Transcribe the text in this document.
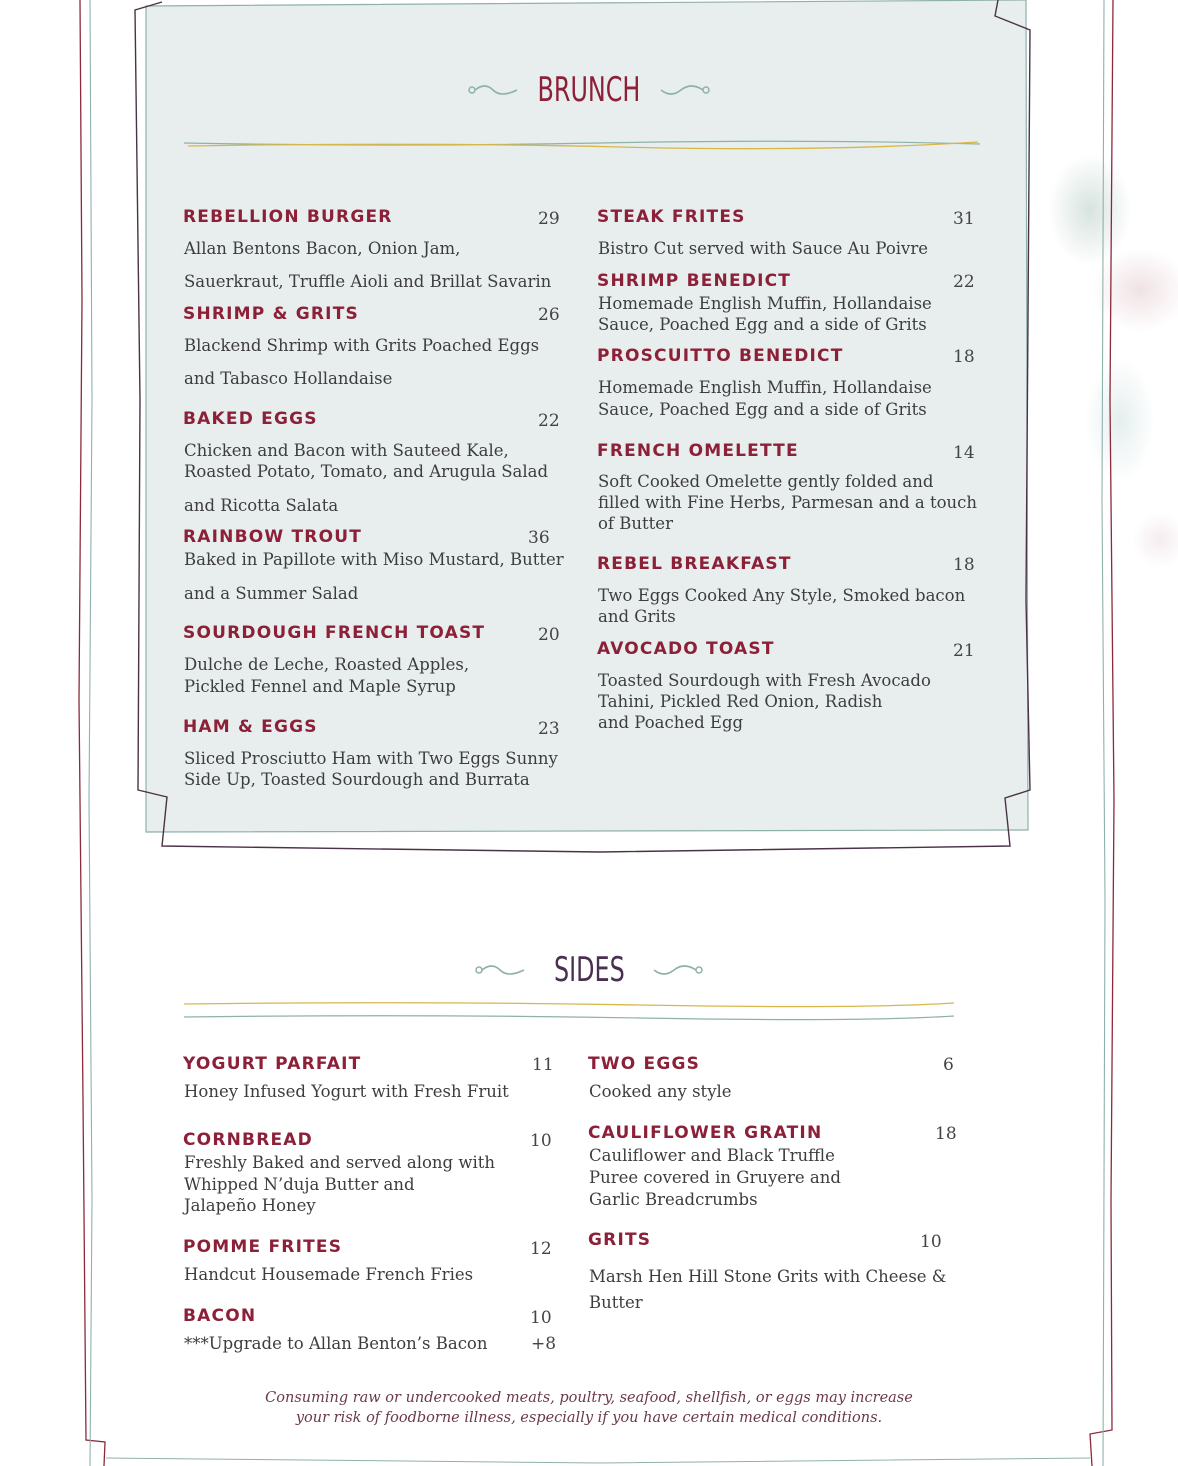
BRUNCH
REBELLION BURGER	29
Allan Bentons Bacon, Onion Jam,
Sauerkraut, Truffle Aioli and Brillat Savarin
SHRIMP & GRITS	26
Blackend Shrimp with Grits Poached Eggs
and Tabasco Hollandaise
BAKED EGGS	22
Chicken and Bacon with Sauteed Kale,
Roasted Potato, Tomato, and Arugula Salad
and Ricotta Salata
RAINBOW TROUT	36
Baked in Papillote with Miso Mustard, Butter
and a Summer Salad
SOURDOUGH FRENCH TOAST	20
Dulche de Leche, Roasted Apples,
Pickled Fennel and Maple Syrup
HAM & EGGS	23
Sliced Prosciutto Ham with Two Eggs Sunny
Side Up, Toasted Sourdough and Burrata
STEAK FRITES	31
Bistro Cut served with Sauce Au Poivre
SHRIMP BENEDICT	22
Homemade English Muffin, Hollandaise
Sauce, Poached Egg and a side of Grits
PROSCUITTO BENEDICT	18
Homemade English Muffin, Hollandaise
Sauce, Poached Egg and a side of Grits
FRENCH OMELETTE	14
Soft Cooked Omelette gently folded and
filled with Fine Herbs, Parmesan and a touch
of Butter
REBEL BREAKFAST	18
Two Eggs Cooked Any Style, Smoked bacon
and Grits
AVOCADO TOAST	21
Toasted Sourdough with Fresh Avocado
Tahini, Pickled Red Onion, Radish
and Poached Egg
SIDES
YOGURT PARFAIT	11
Honey Infused Yogurt with Fresh Fruit
CORNBREAD	10
Freshly Baked and served along with
Whipped N’duja Butter and
Jalapeño Honey
POMME FRITES	12
Handcut Housemade French Fries
BACON	10
***Upgrade to Allan Benton’s Bacon	+8
TWO EGGS	6
Cooked any style
CAULIFLOWER GRATIN	18
Cauliflower and Black Truffle
Puree covered in Gruyere and
Garlic Breadcrumbs
GRITS	10
Marsh Hen Hill Stone Grits with Cheese &
Butter
Consuming raw or undercooked meats, poultry, seafood, shellfish, or eggs may increase
your risk of foodborne illness, especially if you have certain medical conditions.
